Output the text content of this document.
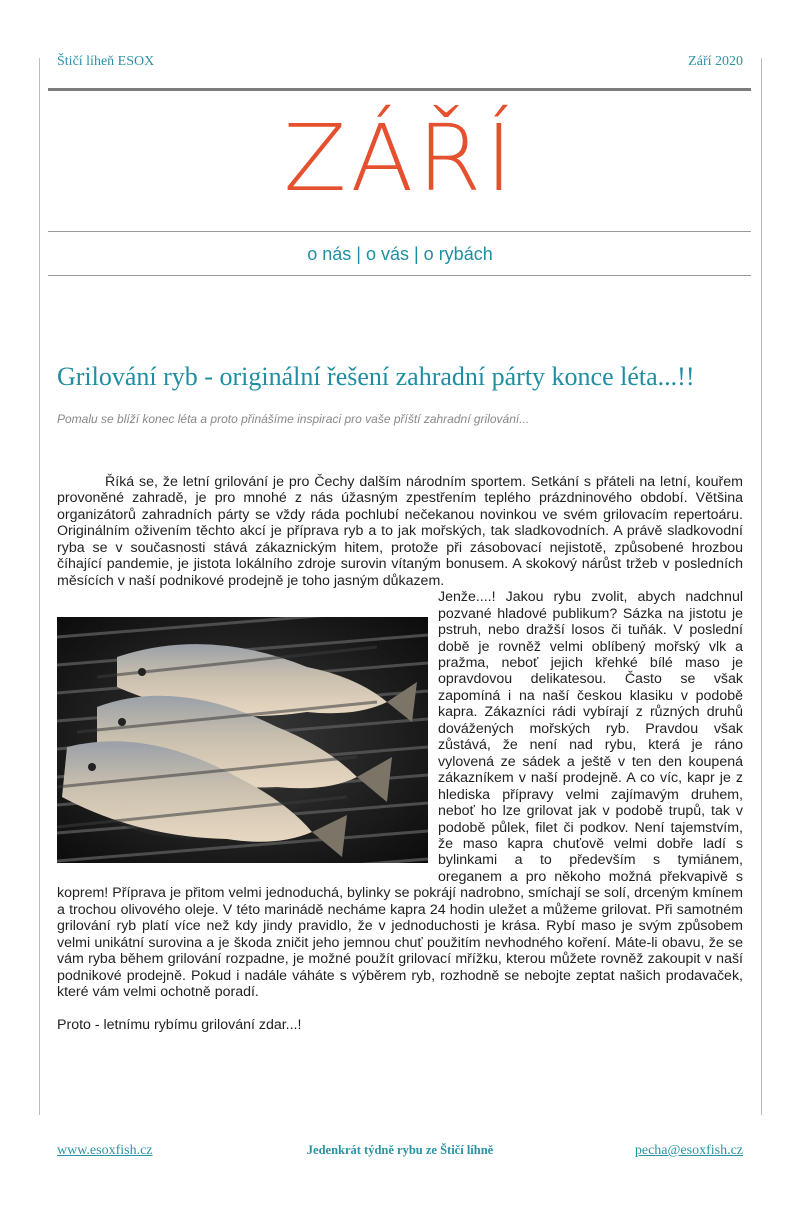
Štičí líheň ESOX	Září 2020
ZÁŘÍ
o nás | o vás | o rybách
Grilování ryb - originální řešení zahradní párty konce léta...!!
Pomalu se blíží konec léta a proto přinášíme inspiraci pro vaše příští zahradní grilování...

Říká se, že letní grilování je pro Čechy dalším národním sportem. Setkání s přáteli na letní, kouřem provoněné zahradě, je pro mnohé z nás úžasným zpestřením teplého prázdninového období. Většina organizátorů zahradních párty se vždy ráda pochlubí nečekanou novinkou ve svém grilovacím repertoáru. Originálním oživením těchto akcí je příprava ryb a to jak mořských, tak sladkovodních. A právě sladkovodní ryba se v současnosti stává zákaznickým hitem, protože při zásobovací nejistotě, způsobené hrozbou číhající pandemie, je jistota lokálního zdroje surovin vítaným bonusem. A skokový nárůst tržeb v posledních měsících v naší podnikové prodejně je toho jasným důkazem.

Jenže....! Jakou rybu zvolit, abych nadchnul pozvané hladové publikum? Sázka na jistotu je pstruh, nebo dražší losos či tuňák. V poslední době je rovněž velmi oblíbený mořský vlk a pražma, neboť jejich křehké bílé maso je opravdovou delikatesou. Často se však zapomíná i na naší českou klasiku v podobě kapra. Zákazníci rádi vybírají z různých druhů dovážených mořských ryb. Pravdou však zůstává, že není nad rybu, která je ráno vylovená ze sádek a ještě v ten den koupená zákazníkem v naší prodejně. A co víc, kapr je z hlediska přípravy velmi zajímavým druhem, neboť ho lze grilovat jak v podobě trupů, tak v podobě půlek, filet či podkov. Není tajemstvím, že maso kapra chuťově velmi dobře ladí s bylinkami a to především s tymiánem, oreganem a pro někoho možná překvapivě s koprem! Příprava je přitom velmi jednoduchá, bylinky se pokrájí nadrobno, smíchají se solí, drceným kmínem a trochou olivového oleje. V této marinádě necháme kapra 24 hodin uležet a můžeme grilovat. Při samotném grilování ryb platí více než kdy jindy pravidlo, že v jednoduchosti je krása. Rybí maso je svým způsobem velmi unikátní surovina a je škoda zničit jeho jemnou chuť použitím nevhodného koření. Máte-li obavu, že se vám ryba během grilování rozpadne, je možné použít grilovací mřížku, kterou můžete rovněž zakoupit v naší podnikové prodejně. Pokud i nadále váháte s výběrem ryb, rozhodně se nebojte zeptat našich prodavaček, které vám velmi ochotně poradí.

Proto - letnímu rybímu grilování zdar...!

www.esoxfish.cz	Jedenkrát týdně rybu ze Štičí líhně	pecha@esoxfish.cz
